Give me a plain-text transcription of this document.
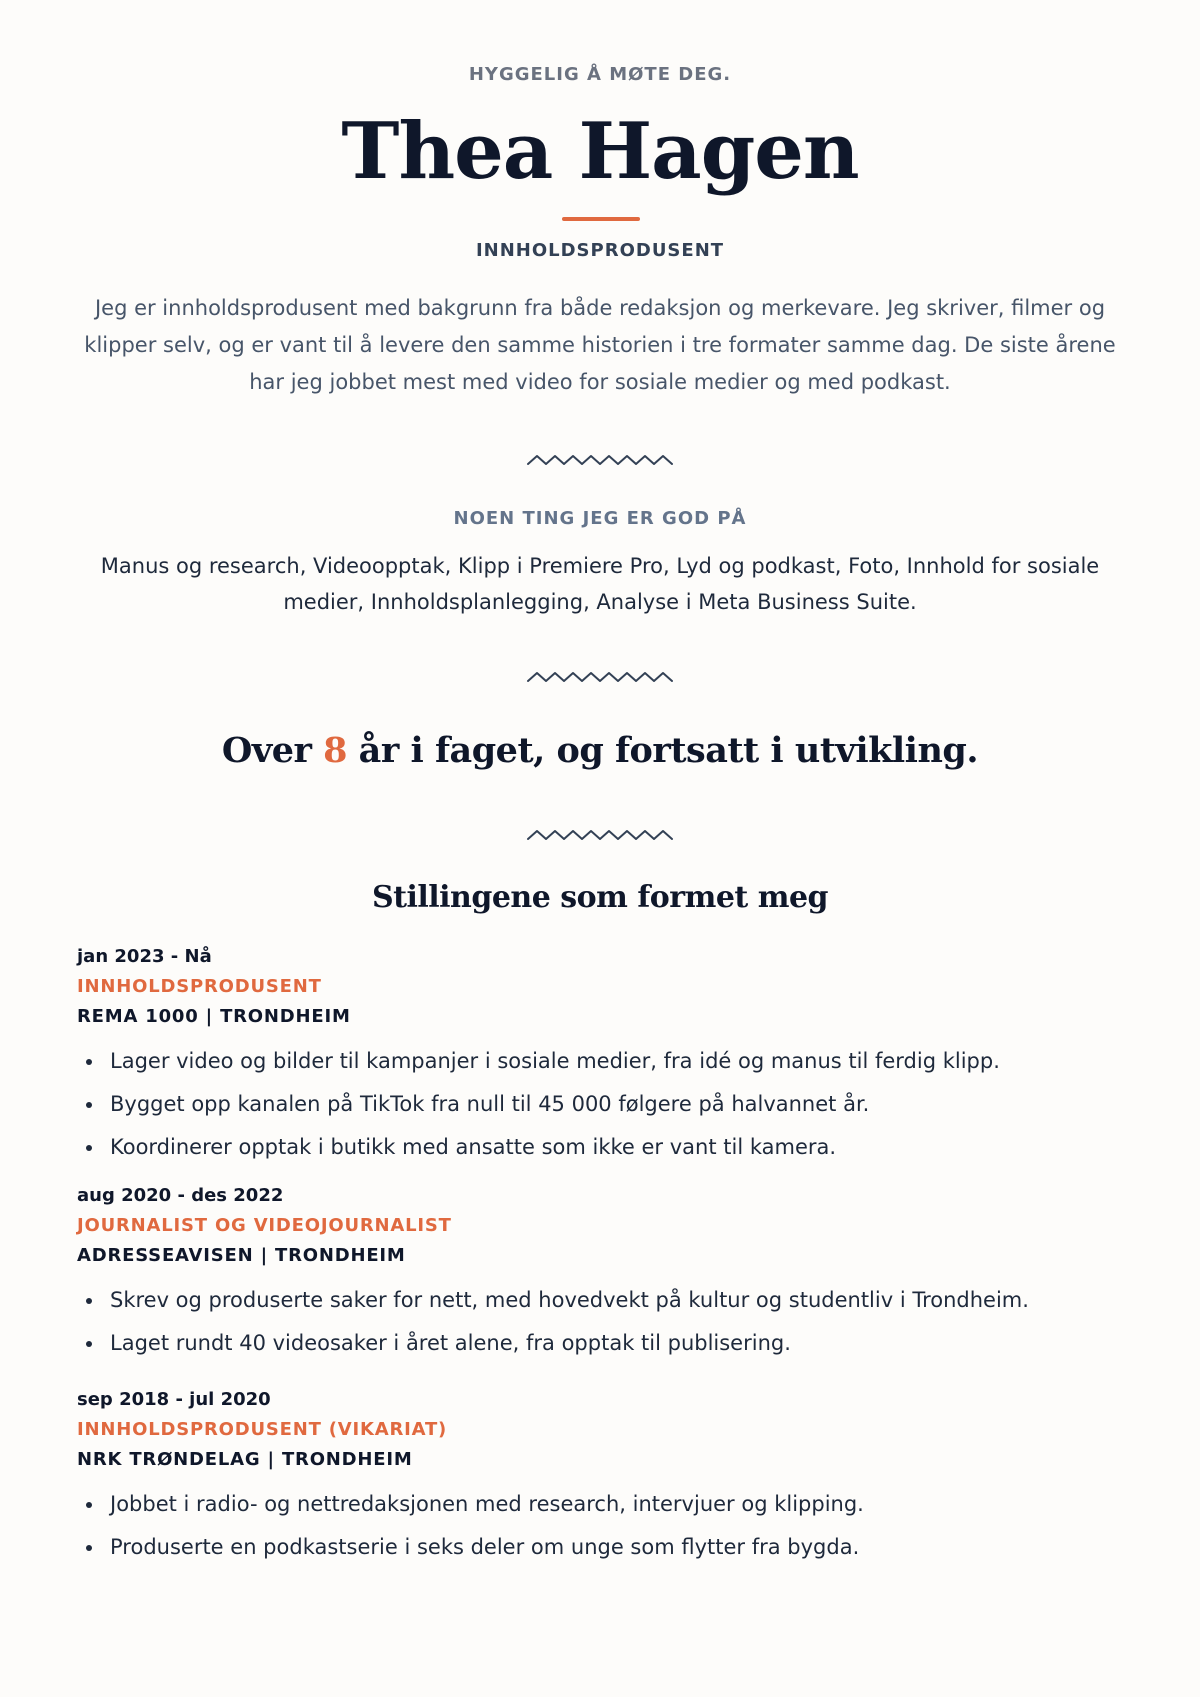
HYGGELIG Å MØTE DEG.
Thea Hagen
INNHOLDSPRODUSENT
Jeg er innholdsprodusent med bakgrunn fra både redaksjon og merkevare. Jeg skriver, filmer og klipper selv, og er vant til å levere den samme historien i tre formater samme dag. De siste årene har jeg jobbet mest med video for sosiale medier og med podkast.
NOEN TING JEG ER GOD PÅ
Manus og research, Videoopptak, Klipp i Premiere Pro, Lyd og podkast, Foto, Innhold for sosiale medier, Innholdsplanlegging, Analyse i Meta Business Suite.
Over 8 år i faget, og fortsatt i utvikling.
Stillingene som formet meg
jan 2023 - Nå
INNHOLDSPRODUSENT
REMA 1000 | TRONDHEIM
Lager video og bilder til kampanjer i sosiale medier, fra idé og manus til ferdig klipp.
Bygget opp kanalen på TikTok fra null til 45 000 følgere på halvannet år.
Koordinerer opptak i butikk med ansatte som ikke er vant til kamera.
aug 2020 - des 2022
JOURNALIST OG VIDEOJOURNALIST
ADRESSEAVISEN | TRONDHEIM
Skrev og produserte saker for nett, med hovedvekt på kultur og studentliv i Trondheim.
Laget rundt 40 videosaker i året alene, fra opptak til publisering.
sep 2018 - jul 2020
INNHOLDSPRODUSENT (VIKARIAT)
NRK TRØNDELAG | TRONDHEIM
Jobbet i radio- og nettredaksjonen med research, intervjuer og klipping.
Produserte en podkastserie i seks deler om unge som flytter fra bygda.
